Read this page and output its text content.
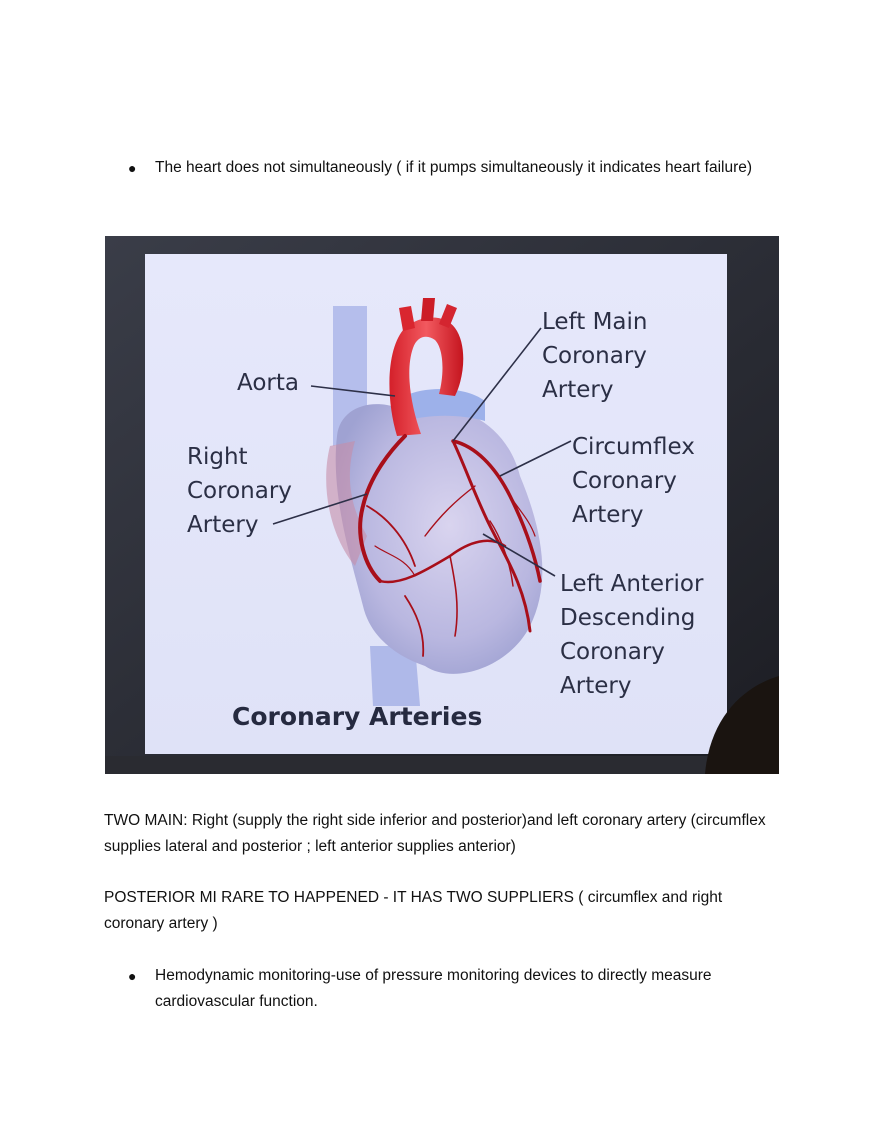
● The heart does not simultaneously ( if it pumps simultaneously it indicates heart failure)
Aorta
Right
Coronary
Artery
Left Main
Coronary
Artery
Circumflex
Coronary
Artery
Left Anterior
Descending
Coronary
Artery
Coronary Arteries
TWO MAIN: Right (supply the right side inferior and posterior)and left coronary artery (circumflex supplies lateral and posterior ; left anterior supplies anterior)
POSTERIOR MI RARE TO HAPPENED - IT HAS TWO SUPPLIERS ( circumflex and right coronary artery )
● Hemodynamic monitoring-use of pressure monitoring devices to directly measure cardiovascular function.
